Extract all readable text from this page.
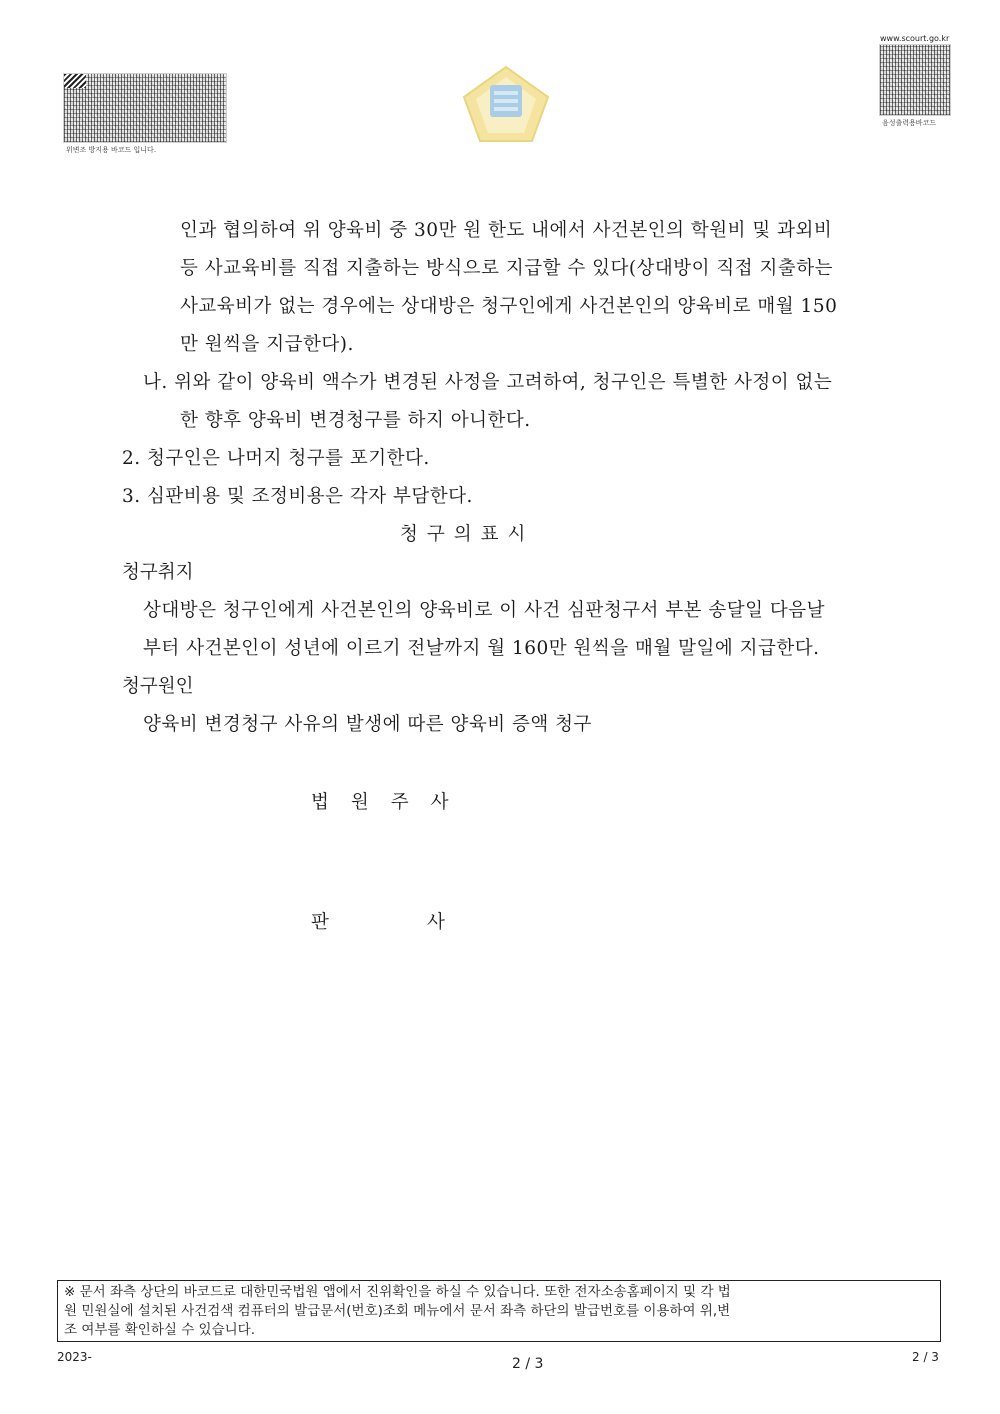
위변조 방지용 바코드 입니다.
www.scourt.go.kr
음성출력용바코드
인과 협의하여 위 양육비 중 30만 원 한도 내에서 사건본인의 학원비 및 과외비
등 사교육비를 직접 지출하는 방식으로 지급할 수 있다(상대방이 직접 지출하는
사교육비가 없는 경우에는 상대방은 청구인에게 사건본인의 양육비로 매월 150
만 원씩을 지급한다).
나. 위와 같이 양육비 액수가 변경된 사정을 고려하여, 청구인은 특별한 사정이 없는
한 향후 양육비 변경청구를 하지 아니한다.
2. 청구인은 나머지 청구를 포기한다.
3. 심판비용 및 조정비용은 각자 부담한다.
청구의표시
청구취지
상대방은 청구인에게 사건본인의 양육비로 이 사건 심판청구서 부본 송달일 다음날
부터 사건본인이 성년에 이르기 전날까지 월 160만 원씩을 매월 말일에 지급한다.
청구원인
양육비 변경청구 사유의 발생에 따른 양육비 증액 청구
법원주사
판	사

※ 문서 좌측 상단의 바코드로 대한민국법원 앱에서 진위확인을 하실 수 있습니다. 또한 전자소송홈페이지 및 각 법

원 민원실에 설치된 사건검색 컴퓨터의 발급문서(번호)조회 메뉴에서 문서 좌측 하단의 발급번호를 이용하여 위,변

조 여부를 확인하실 수 있습니다.

2023-	2 / 3	2 / 3
